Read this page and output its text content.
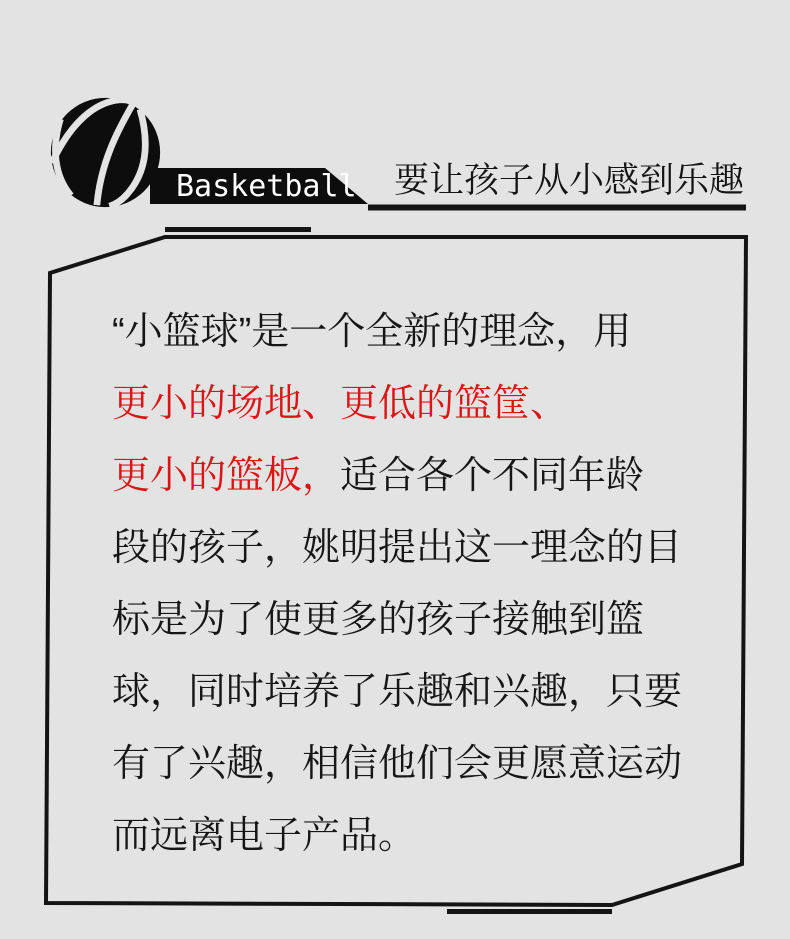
Basketball 要让孩子从小感到乐趣
“小篮球”是一个全新的理念，用
更小的场地、更低的篮筐、
更小的篮板，适合各个不同年龄
段的孩子，姚明提出这一理念的目
标是为了使更多的孩子接触到篮
球，同时培养了乐趣和兴趣，只要
有了兴趣，相信他们会更愿意运动
而远离电子产品。
